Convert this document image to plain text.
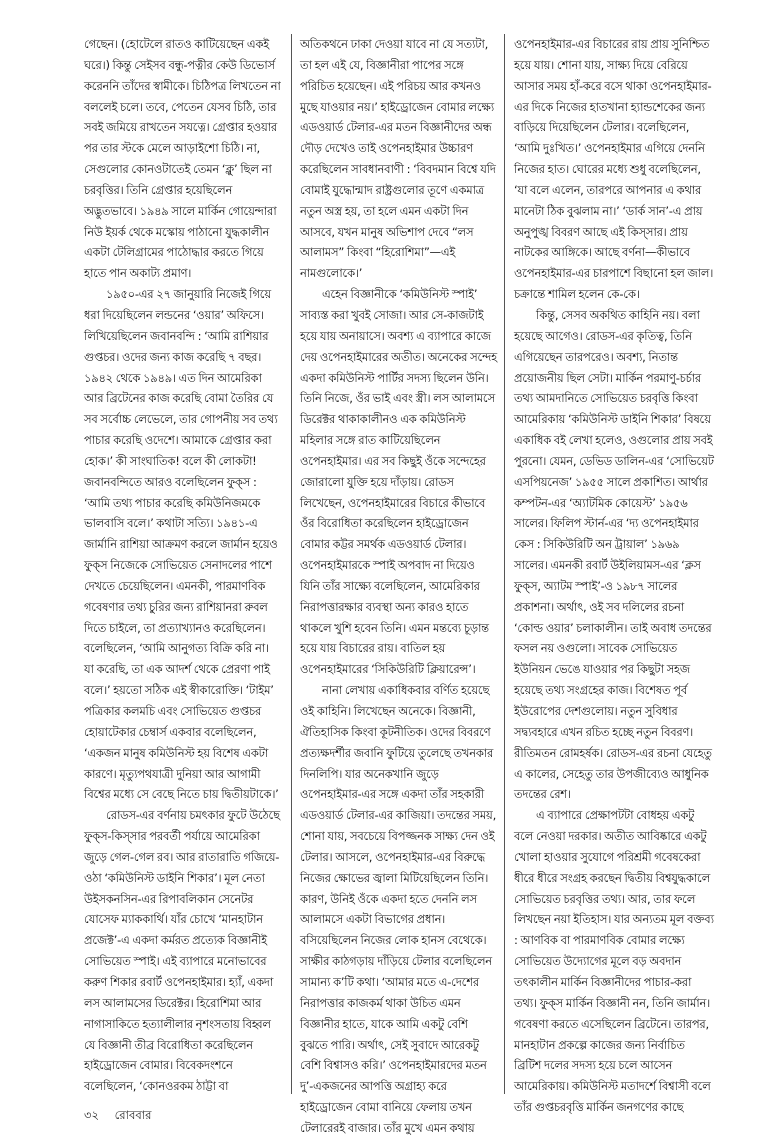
গেছেন। (হোটেলে রাতও কাটিয়েছেন একই ঘরে।) কিন্তু সেইসব বন্ধু-পত্নীর কেউ ডিভোর্স করেননি তাঁদের স্বামীকে। চিঠিপত্র লিখতেন না বললেই চলে। তবে, পেতেন যেসব চিঠি, তার সবই জমিয়ে রাখতেন সযত্নে। গ্রেপ্তার হওয়ার পর তার স্টকে মেলে আড়াইশো চিঠি। না, সেগুলোর কোনওটাতেই তেমন ‘ক্লু’ ছিল না চরবৃত্তির। তিনি গ্রেপ্তার হয়েছিলেন অদ্ভুতভাবে। ১৯৪৯ সালে মার্কিন গোয়েন্দারা নিউ ইয়র্ক থেকে মস্কোয় পাঠানো যুদ্ধকালীন একটা টেলিগ্রামের পাঠোদ্ধার করতে গিয়ে হাতে পান অকাট্য প্রমাণ।

১৯৫০-এর ২৭ জানুয়ারি নিজেই গিয়ে ধরা দিয়েছিলেন লন্ডনের ‘ওয়ার’ অফিসে। লিখিয়েছিলেন জবানবন্দি : ‘আমি রাশিয়ার গুপ্তচর। ওদের জন্য কাজ করেছি ৭ বছর। ১৯৪২ থেকে ১৯৪৯। এত দিন আমেরিকা আর ব্রিটেনের কাজ করেছি বোমা তৈরির যে সব সর্বোচ্চ লেভেলে, তার গোপনীয় সব তথ্য পাচার করেছি ওদেশে। আমাকে গ্রেপ্তার করা হোক।’ কী সাংঘাতিক! বলে কী লোকটা! জবানবন্দিতে আরও বলেছিলেন ফুক্‌স : ‘আমি তথ্য পাচার করেছি কমিউনিজমকে ভালবাসি বলে।’ কথাটা সত্যি। ১৯৪১-এ জার্মানি রাশিয়া আক্রমণ করলে জার্মান হয়েও ফুক্‌স নিজেকে সোভিয়েত সেনাদলের পাশে দেখতে চেয়েছিলেন। এমনকী, পারমাণবিক গবেষণার তথ্য চুরির জন্য রাশিয়ানরা রুবল দিতে চাইলে, তা প্রত্যাখ্যানও করেছিলেন। বলেছিলেন, ‘আমি আনুগত্য বিক্রি করি না। যা করেছি, তা এক আদর্শ থেকে প্রেরণা পাই বলে।’ হয়তো সঠিক এই স্বীকারোক্তি। ‘টাইম’ পত্রিকার কলমচি এবং সোভিয়েত গুপ্তচর হোয়াটেকার চেম্বার্স একবার বলেছিলেন, ‘একজন মানুষ কমিউনিস্ট হয় বিশেষ একটা কারণে। মৃত্যুপথযাত্রী দুনিয়া আর আগামী বিশ্বের মধ্যে সে বেছে নিতে চায় দ্বিতীয়টাকে।’

রোডস-এর বর্ণনায় চমৎকার ফুটে উঠেছে ফুক্‌স-কিস্‌সার পরবর্তী পর্যায়ে আমেরিকা জুড়ে গেল-গেল রব। আর রাতারাতি গজিয়ে-ওঠা ‘কমিউনিস্ট ডাইনি শিকার’। মূল নেতা উইসকনসিন-এর রিপাবলিকান সেনেটর যোসেফ ম্যাককার্থি। যাঁর চোখে ‘মানহাটান প্রজেক্ট’-এ একদা কর্মরত প্রত্যেক বিজ্ঞানীই সোভিয়েত স্পাই। এই ব্যাপারে মনোভাবের করুণ শিকার রবার্ট ওপেনহাইমার। হ্যাঁ, একদা লস আলামসের ডিরেক্টর। হিরোশিমা আর নাগাসাকিতে হত্যালীলার নৃশংসতায় বিহ্বল যে বিজ্ঞানী তীব্র বিরোধিতা করেছিলেন হাইড্রোজেন বোমার। বিবেকদংশনে বলেছিলেন, ‘কোনওরকম ঠাট্টা বা

অতিকথনে ঢাকা দেওয়া যাবে না যে সত্যটা, তা হল এই যে, বিজ্ঞানীরা পাপের সঙ্গে পরিচিত হয়েছেন। এই পরিচয় আর কখনও মুছে যাওয়ার নয়।’ হাইড্রোজেন বোমার লক্ষ্যে এডওয়ার্ড টেলার-এর মতন বিজ্ঞানীদের অন্ধ দৌড় দেখেও তাই ওপেনহাইমার উচ্চারণ করেছিলেন সাবধানবাণী : ‘বিবদমান বিশ্বে যদি বোমাই যুদ্ধোন্মাদ রাষ্ট্রগুলোর তূণে একমাত্র নতুন অস্ত্র হয়, তা হলে এমন একটা দিন আসবে, যখন মানুষ অভিশাপ দেবে “লস আলামস” কিংবা “হিরোশিমা”—এই নামগুলোকে।’

এহেন বিজ্ঞানীকে ‘কমিউনিস্ট স্পাই’ সাব্যস্ত করা খুবই সোজা। আর সে-কাজটাই হয়ে যায় অনায়াসে। অবশ্য এ ব্যাপারে কাজে দেয় ওপেনহাইমারের অতীত। অনেকের সন্দেহ একদা কমিউনিস্ট পার্টির সদস্য ছিলেন উনি। তিনি নিজে, ওঁর ভাই এবং স্ত্রী। লস আলামসে ডিরেক্টর থাকাকালীনও এক কমিউনিস্ট মহিলার সঙ্গে রাত কাটিয়েছিলেন ওপেনহাইমার। এর সব কিছুই ওঁকে সন্দেহের জোরালো যুক্তি হয়ে দাঁড়ায়। রোডস লিখেছেন, ওপেনহাইমারের বিচারে কীভাবে ওঁর বিরোধিতা করেছিলেন হাইড্রোজেন বোমার কট্টর সমর্থক এডওয়ার্ড টেলার। ওপেনহাইমারকে স্পাই অপবাদ না দিয়েও যিনি তাঁর সাক্ষ্যে বলেছিলেন, আমেরিকার নিরাপত্তারক্ষার ব্যবস্থা অন্য কারও হাতে থাকলে খুশি হবেন তিনি। এমন মন্তব্যে চূড়ান্ত হয়ে যায় বিচারের রায়। বাতিল হয় ওপেনহাইমারের ‘সিকিউরিটি ক্লিয়ারেন্স’।

নানা লেখায় একাধিকবার বর্ণিত হয়েছে ওই কাহিনি। লিখেছেন অনেকে। বিজ্ঞানী, ঐতিহাসিক কিংবা কূটনীতিক। ওদের বিবরণে প্রত্যক্ষদর্শীর জবানি ফুটিয়ে তুলেছে তখনকার দিনলিপি। যার অনেকখানি জুড়ে ওপেনহাইমার-এর সঙ্গে একদা তাঁর সহকারী এডওয়ার্ড টেলার-এর কাজিয়া। তদন্তের সময়, শোনা যায়, সবচেয়ে বিপজ্জনক সাক্ষ্য দেন ওই টেলার। আসলে, ওপেনহাইমার-এর বিরুদ্ধে নিজের ক্ষোভের জ্বালা মিটিয়েছিলেন তিনি। কারণ, উনিই ওঁকে একদা হতে দেননি লস আলামসে একটা বিভাগের প্রধান। বসিয়েছিলেন নিজের লোক হানস বেথেকে। সাক্ষীর কাঠগড়ায় দাঁড়িয়ে টেলার বলেছিলেন সামান্য ক’টি কথা। ‘আমার মতে এ-দেশের নিরাপত্তার কাজকর্ম থাকা উচিত এমন বিজ্ঞানীর হাতে, যাকে আমি একটু বেশি বুঝতে পারি। অর্থাৎ, সেই সুবাদে আরেকটু বেশি বিশ্বাসও করি।’ ওপেনহাইমারদের মতন দু’-একজনের আপত্তি অগ্রাহ্য করে হাইড্রোজেন বোমা বানিয়ে ফেলায় তখন টেলারেরই বাজার। তাঁর মুখে এমন কথায়

ওপেনহাইমার-এর বিচারের রায় প্রায় সুনিশ্চিত হয়ে যায়। শোনা যায়, সাক্ষ্য দিয়ে বেরিয়ে আসার সময় হাঁ-করে বসে থাকা ওপেনহাইমার-এর দিকে নিজের হাতখানা হ্যান্ডশেকের জন্য বাড়িয়ে দিয়েছিলেন টেলার। বলেছিলেন, ‘আমি দুঃখিত।’ ওপেনহাইমার এগিয়ে দেননি নিজের হাত। ঘোরের মধ্যে শুধু বলেছিলেন, ‘যা বলে এলেন, তারপরে আপনার এ কথার মানেটা ঠিক বুঝলাম না।’ ‘ডার্ক সান’-এ প্রায় অনুপুঙ্খ বিবরণ আছে এই কিস্‌সার। প্রায় নাটকের আঙ্গিকে। আছে বর্ণনা—কীভাবে ওপেনহাইমার-এর চারপাশে বিছানো হল জাল। চক্রান্তে শামিল হলেন কে-কে।

কিন্তু, সেসব অকথিত কাহিনি নয়। বলা হয়েছে আগেও। রোডস-এর কৃতিত্ব, তিনি এগিয়েছেন তারপরেও। অবশ্য, নিতান্ত প্রয়োজনীয় ছিল সেটা। মার্কিন পরমাণু-চর্চার তথ্য আমদানিতে সোভিয়েত চরবৃত্তি কিংবা আমেরিকায় ‘কমিউনিস্ট ডাইনি শিকার’ বিষয়ে একাধিক বই লেখা হলেও, ওগুলোর প্রায় সবই পুরনো। যেমন, ডেভিড ডালিন-এর ‘সোভিয়েট এসপিয়নেজ’ ১৯৫৫ সালে প্রকাশিত। আর্থার কম্পটন-এর ‘অ্যাটমিক কোয়েস্ট’ ১৯৫৬ সালের। ফিলিপ স্টার্ন-এর ‘দ্য ওপেনহাইমার কেস : সিকিউরিটি অন ট্রায়াল’ ১৯৬৯ সালের। এমনকী রবার্ট উইলিয়ামস-এর ‘ক্লস ফুক্‌স, অ্যাটম স্পাই’-ও ১৯৮৭ সালের প্রকাশনা। অর্থাৎ, ওই সব দলিলের রচনা ‘কোল্ড ওয়ার’ চলাকালীন। তাই অবাধ তদন্তের ফসল নয় ওগুলো। সাবেক সোভিয়েত ইউনিয়ন ভেঙে যাওয়ার পর কিছুটা সহজ হয়েছে তথ্য সংগ্রহের কাজ। বিশেষত পূর্ব ইউরোপের দেশগুলোয়। নতুন সুবিধার সদ্ব্যবহারে এখন রচিত হচ্ছে নতুন বিবরণ। রীতিমতন রোমহর্ষক। রোডস-এর রচনা যেহেতু এ কালের, সেহেতু তার উপজীব্যেও আধুনিক তদন্তের রেশ।

এ ব্যাপারে প্রেক্ষাপটটা বোধহয় একটু বলে নেওয়া দরকার। অতীত আবিষ্কারে একটু খোলা হাওয়ার সুযোগে পরিশ্রমী গবেষকেরা ধীরে ধীরে সংগ্রহ করছেন দ্বিতীয় বিশ্বযুদ্ধকালে সোভিয়েত চরবৃত্তির তথ্য। আর, তার ফলে লিখছেন নয়া ইতিহাস। যার অন্যতম মূল বক্তব্য : আণবিক বা পারমাণবিক বোমার লক্ষ্যে সোভিয়েত উদ্যোগের মূলে বড় অবদান তৎকালীন মার্কিন বিজ্ঞানীদের পাচার-করা তথ্য। ফুক্‌স মার্কিন বিজ্ঞানী নন, তিনি জার্মান। গবেষণা করতে এসেছিলেন ব্রিটেনে। তারপর, মানহাটান প্রকল্পে কাজের জন্য নির্বাচিত ব্রিটিশ দলের সদস্য হয়ে চলে আসেন আমেরিকায়। কমিউনিস্ট মতাদর্শে বিশ্বাসী বলে তাঁর গুপ্তচরবৃত্তি মার্কিন জনগণের কাছে

৩২ রোববার
